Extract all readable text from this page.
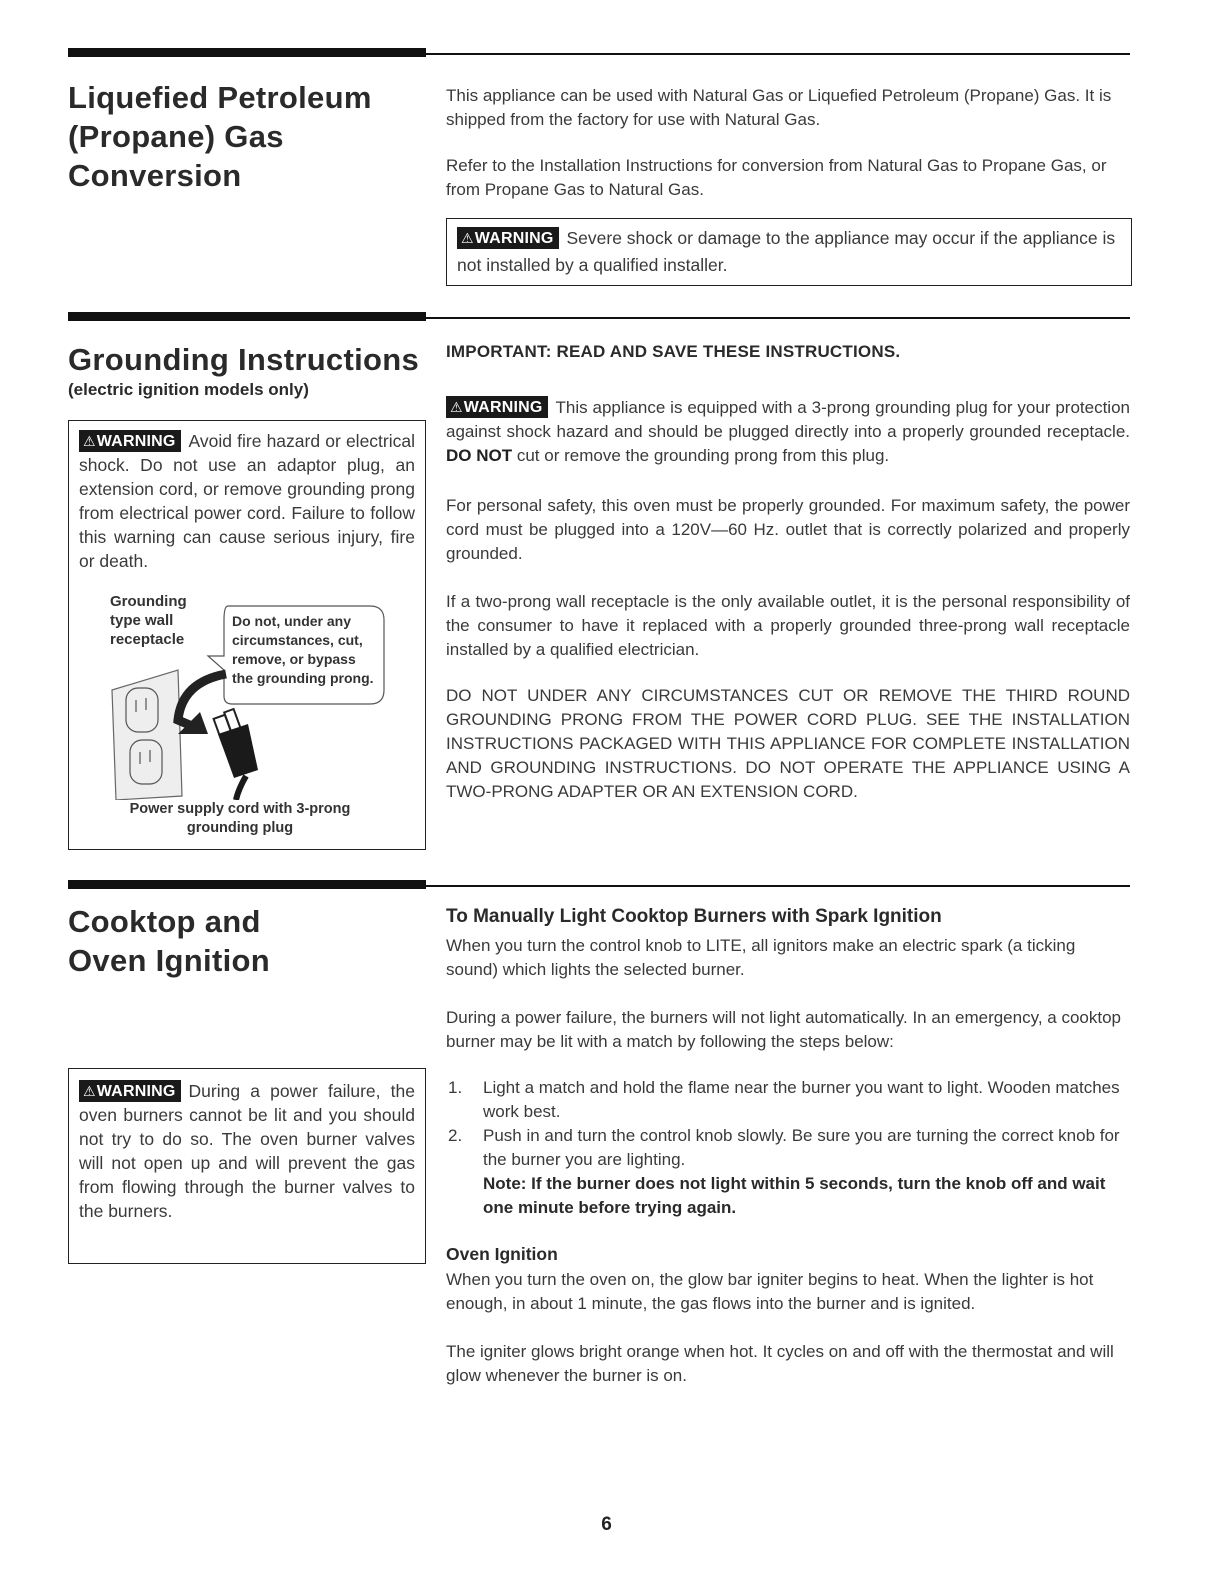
Liquefied Petroleum
(Propane) Gas
Conversion

This appliance can be used with Natural Gas or Liquefied Petroleum (Propane) Gas. It is shipped from the factory for use with Natural Gas.

Refer to the Installation Instructions for conversion from Natural Gas to Propane Gas, or from Propane Gas to Natural Gas.

⚠WARNING Severe shock or damage to the appliance may occur if the appliance is not installed by a qualified installer.

Grounding Instructions

(electric ignition models only)

⚠WARNING Avoid fire hazard or electrical shock. Do not use an adaptor plug, an extension cord, or remove grounding prong from electrical power cord. Failure to follow this warning can cause serious injury, fire or death.

Grounding type wall receptacle
Do not, under any circumstances, cut, remove, or bypass the grounding prong.
Power supply cord with 3-prong grounding plug

IMPORTANT: READ AND SAVE THESE INSTRUCTIONS.

⚠WARNING This appliance is equipped with a 3-prong grounding plug for your protection against shock hazard and should be plugged directly into a properly grounded receptacle. DO NOT cut or remove the grounding prong from this plug.

For personal safety, this oven must be properly grounded. For maximum safety, the power cord must be plugged into a 120V—60 Hz. outlet that is correctly polarized and properly grounded.

If a two-prong wall receptacle is the only available outlet, it is the personal responsibility of the consumer to have it replaced with a properly grounded three-prong wall receptacle installed by a qualified electrician.

DO NOT UNDER ANY CIRCUMSTANCES CUT OR REMOVE THE THIRD ROUND GROUNDING PRONG FROM THE POWER CORD PLUG. SEE THE INSTALLATION INSTRUCTIONS PACKAGED WITH THIS APPLIANCE FOR COMPLETE INSTALLATION AND GROUNDING INSTRUCTIONS. DO NOT OPERATE THE APPLIANCE USING A TWO-PRONG ADAPTER OR AN EXTENSION CORD.

Cooktop and
Oven Ignition

⚠WARNING During a power failure, the oven burners cannot be lit and you should not try to do so. The oven burner valves will not open up and will prevent the gas from flowing through the burner valves to the burners.

To Manually Light Cooktop Burners with Spark Ignition

When you turn the control knob to LITE, all ignitors make an electric spark (a ticking sound) which lights the selected burner.

During a power failure, the burners will not light automatically. In an emergency, a cooktop burner may be lit with a match by following the steps below:

1. Light a match and hold the flame near the burner you want to light. Wooden matches work best.
2. Push in and turn the control knob slowly. Be sure you are turning the correct knob for the burner you are lighting.
Note: If the burner does not light within 5 seconds, turn the knob off and wait one minute before trying again.

Oven Ignition

When you turn the oven on, the glow bar igniter begins to heat. When the lighter is hot enough, in about 1 minute, the gas flows into the burner and is ignited.

The igniter glows bright orange when hot. It cycles on and off with the thermostat and will glow whenever the burner is on.

6
